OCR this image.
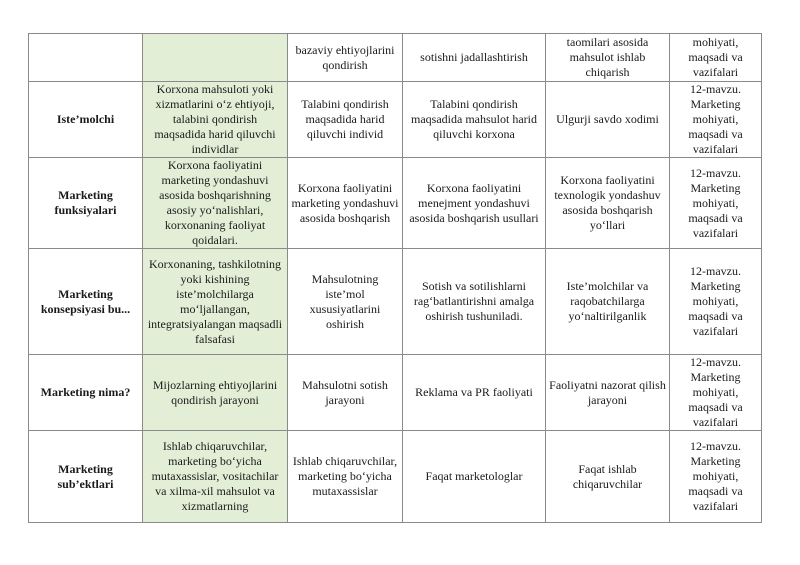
		bazaviy ehtiyojlarini qondirish	sotishni jadallashtirish	taomilari asosida mahsulot ishlab chiqarish	mohiyati, maqsadi va vazifalari
Iste’molchi	Korxona mahsuloti yoki xizmatlarini o‘z ehtiyoji, talabini qondirish maqsadida harid qiluvchi individlar	Talabini qondirish maqsadida harid qiluvchi individ	Talabini qondirish maqsadida mahsulot harid qiluvchi korxona	Ulgurji savdo xodimi	12-mavzu. Marketing mohiyati, maqsadi va vazifalari
Marketing funksiyalari	Korxona faoliyatini marketing yondashuvi asosida boshqarishning asosiy yo‘nalishlari, korxonaning faoliyat qoidalari.	Korxona faoliyatini marketing yondashuvi asosida boshqarish	Korxona faoliyatini menejment yondashuvi asosida boshqarish usullari	Korxona faoliyatini texnologik yondashuv asosida boshqarish yo‘llari	12-mavzu. Marketing mohiyati, maqsadi va vazifalari
Marketing konsepsiyasi bu...	Korxonaning, tashkilotning yoki kishining iste’molchilarga mo‘ljallangan, integratsiyalangan maqsadli falsafasi	Mahsulotning iste’mol xususiyatlarini oshirish	Sotish va sotilishlarni rag‘batlantirishni amalga oshirish tushuniladi.	Iste’molchilar va raqobatchilarga yo‘naltirilganlik	12-mavzu. Marketing mohiyati, maqsadi va vazifalari
Marketing nima?	Mijozlarning ehtiyojlarini qondirish jarayoni	Mahsulotni sotish jarayoni	Reklama va PR faoliyati	Faoliyatni nazorat qilish jarayoni	12-mavzu. Marketing mohiyati, maqsadi va vazifalari
Marketing sub’ektlari	Ishlab chiqaruvchilar, marketing bo‘yicha mutaxassislar, vositachilar va xilma-xil mahsulot va xizmatlarning	Ishlab chiqaruvchilar, marketing bo‘yicha mutaxassislar	Faqat marketologlar	Faqat ishlab chiqaruvchilar	12-mavzu. Marketing mohiyati, maqsadi va vazifalari
